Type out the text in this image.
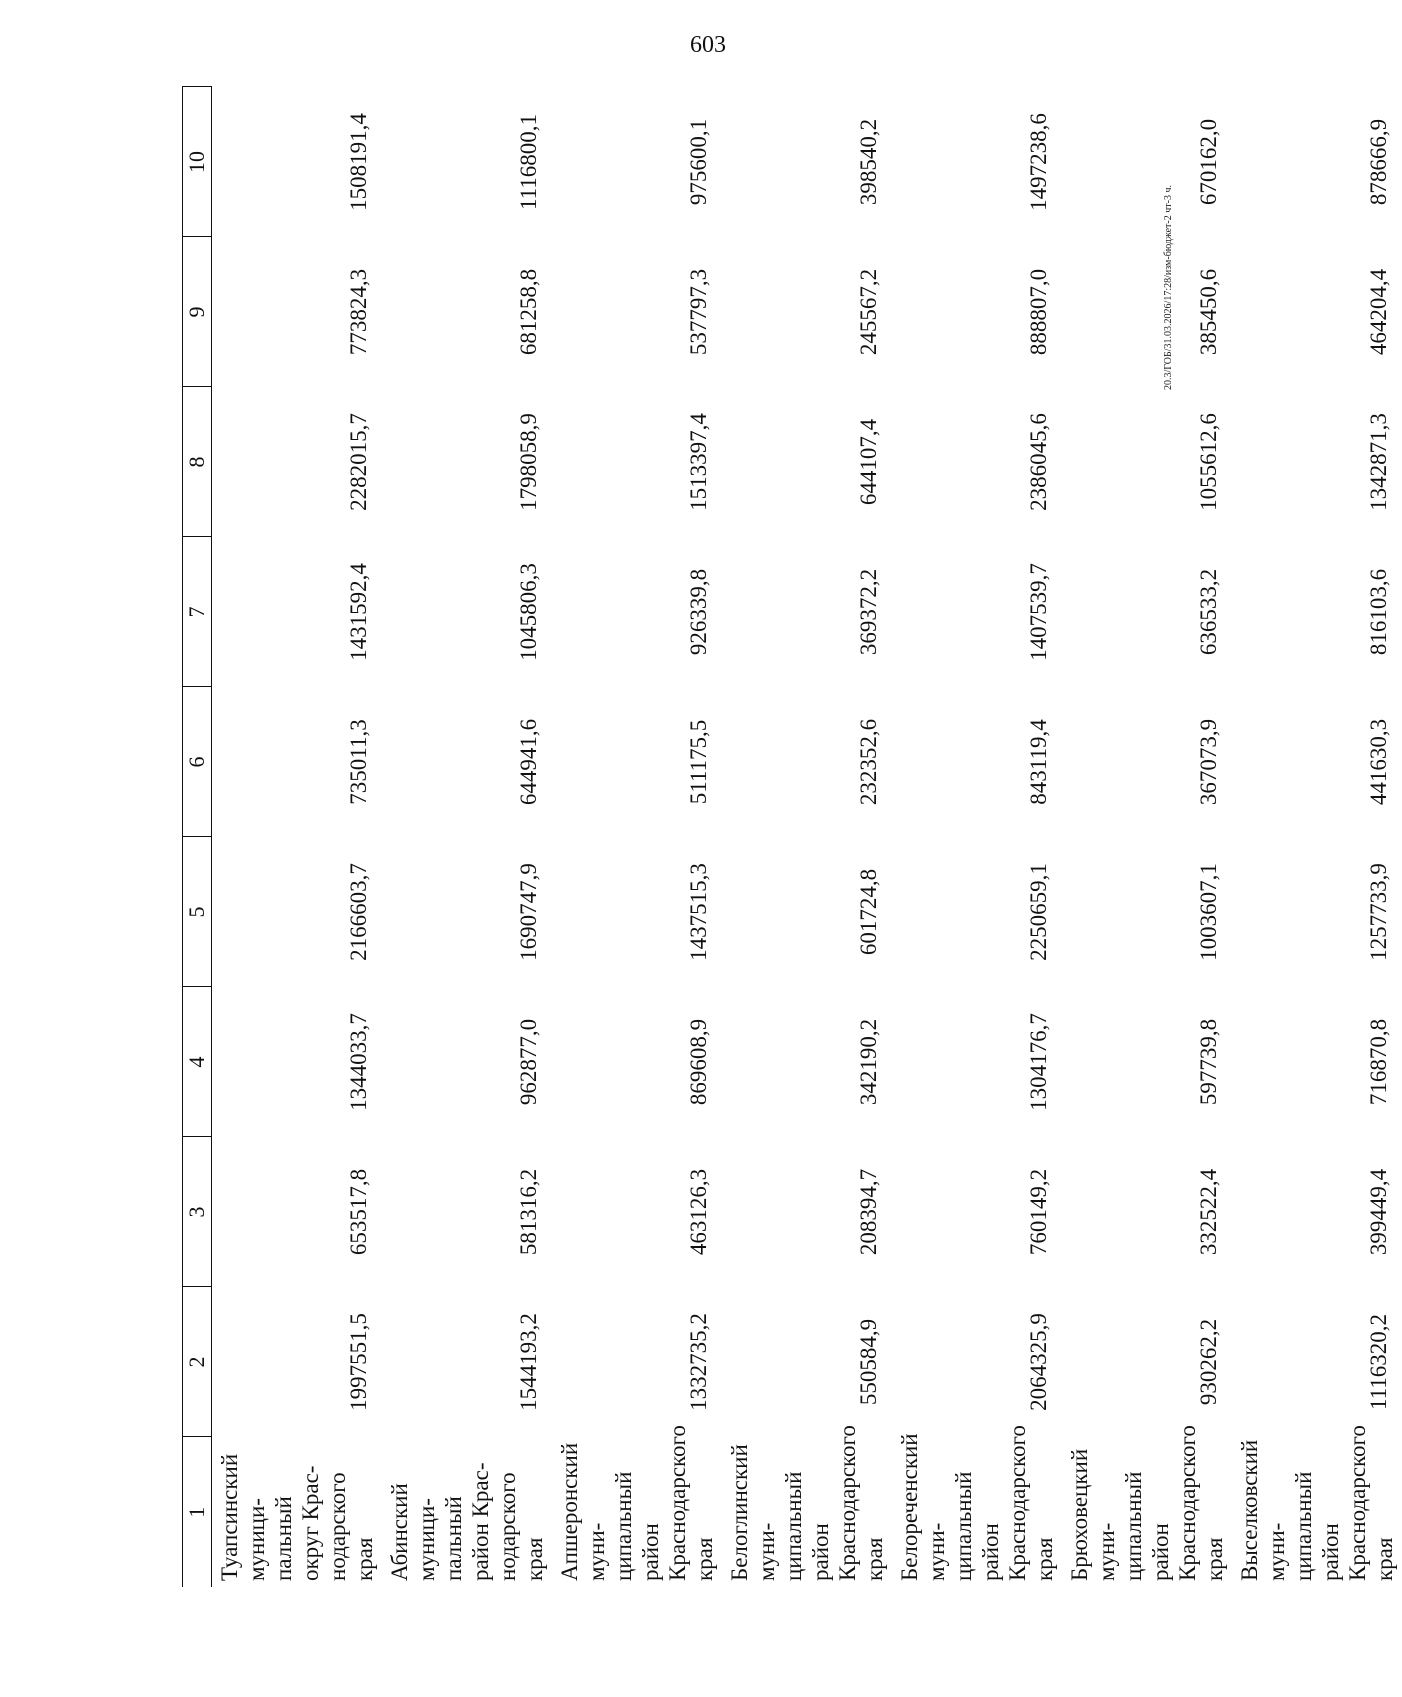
603
20.3/ГОБ/31.03.2026/17:28/изм-бюджет-2 чт-3 ч.
1	2	3	4	5	6	7	8	9	10

Туапсинский муници- пальный округ Крас- нодарского края	1997551,5	653517,8	1344033,7	2166603,7	735011,3	1431592,4	2282015,7	773824,3	1508191,4

Абинский муници- пальный район Крас- нодарского края	1544193,2	581316,2	962877,0	1690747,9	644941,6	1045806,3	1798058,9	681258,8	1116800,1

Апшеронский муни- ципальный район Краснодарского края	1332735,2	463126,3	869608,9	1437515,3	511175,5	926339,8	1513397,4	537797,3	975600,1

Белоглинский муни- ципальный район Краснодарского края	550584,9	208394,7	342190,2	601724,8	232352,6	369372,2	644107,4	245567,2	398540,2

Белореченский муни- ципальный район Краснодарского края	2064325,9	760149,2	1304176,7	2250659,1	843119,4	1407539,7	2386045,6	888807,0	1497238,6

Брюховецкий муни- ципальный район Краснодарского края	930262,2	332522,4	597739,8	1003607,1	367073,9	636533,2	1055612,6	385450,6	670162,0

Выселковский муни- ципальный район Краснодарского края	1116320,2	399449,4	716870,8	1257733,9	441630,3	816103,6	1342871,3	464204,4	878666,9
